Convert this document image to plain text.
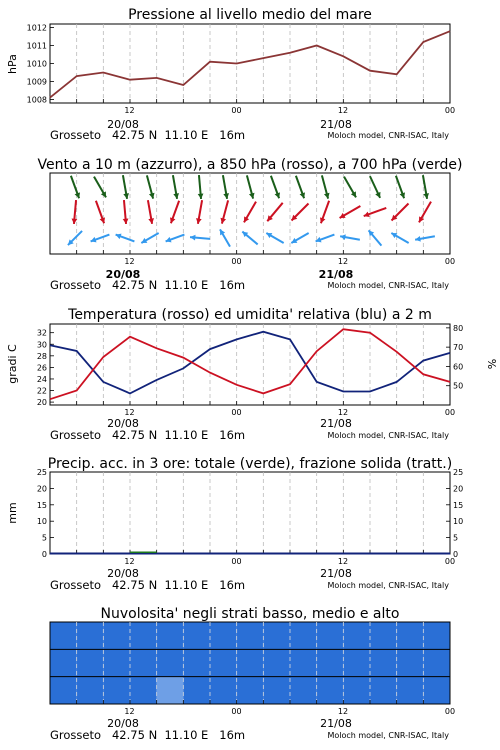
Pressione al livello medio del mare
1008
1009
1010
1011
1012
hPa
12	00	12	00
20/08	21/08
Grosseto   42.75 N  11.10 E   16m	Moloch model, CNR-ISAC, Italy
Vento a 10 m (azzurro), a 850 hPa (rosso), a 700 hPa (verde)
12	00	12	00
20/08	21/08
Grosseto   42.75 N  11.10 E   16m	Moloch model, CNR-ISAC, Italy
Temperatura (rosso) ed umidita' relativa (blu) a 2 m
20
22
24
26
28
30
32
50
60
70
80
gradi C	%
12	00	12	00
20/08	21/08
Grosseto   42.75 N  11.10 E   16m	Moloch model, CNR-ISAC, Italy
Precip. acc. in 3 ore: totale (verde), frazione solida (tratt.)
0
5
10
15
20
25
0
5
10
15
20
25
mm
12	00	12	00
20/08	21/08
Grosseto   42.75 N  11.10 E   16m	Moloch model, CNR-ISAC, Italy
Nuvolosita' negli strati basso, medio e alto
12	00	12	00
20/08	21/08
Grosseto   42.75 N  11.10 E   16m	Moloch model, CNR-ISAC, Italy
